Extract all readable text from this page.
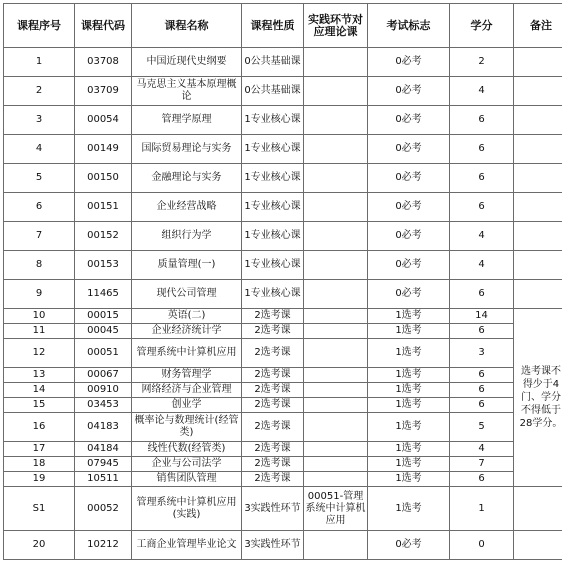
课程序号	课程代码	课程名称	课程性质	实践环节对应理论课	考试标志	学分	备注
1	03708	中国近现代史纲要	0公共基础课		0必考	2	
2	03709	马克思主义基本原理概论	0公共基础课		0必考	4	
3	00054	管理学原理	1专业核心课		0必考	6	
4	00149	国际贸易理论与实务	1专业核心课		0必考	6	
5	00150	金融理论与实务	1专业核心课		0必考	6	
6	00151	企业经营战略	1专业核心课		0必考	6	
7	00152	组织行为学	1专业核心课		0必考	4	
8	00153	质量管理(一)	1专业核心课		0必考	4	
9	11465	现代公司管理	1专业核心课		0必考	6	
10	00015	英语(二)	2选考课		1选考	14	选考课不得少于4门、学分不得低于28学分。
11	00045	企业经济统计学	2选考课		1选考	6	
12	00051	管理系统中计算机应用	2选考课		1选考	3	
13	00067	财务管理学	2选考课		1选考	6	
14	00910	网络经济与企业管理	2选考课		1选考	6	
15	03453	创业学	2选考课		1选考	6	
16	04183	概率论与数理统计(经管类)	2选考课		1选考	5	
17	04184	线性代数(经管类)	2选考课		1选考	4	
18	07945	企业与公司法学	2选考课		1选考	7	
19	10511	销售团队管理	2选考课		1选考	6	
S1	00052	管理系统中计算机应用(实践)	3实践性环节	00051-管理系统中计算机应用	1选考	1	
20	10212	工商企业管理毕业论文	3实践性环节		0必考	0	
